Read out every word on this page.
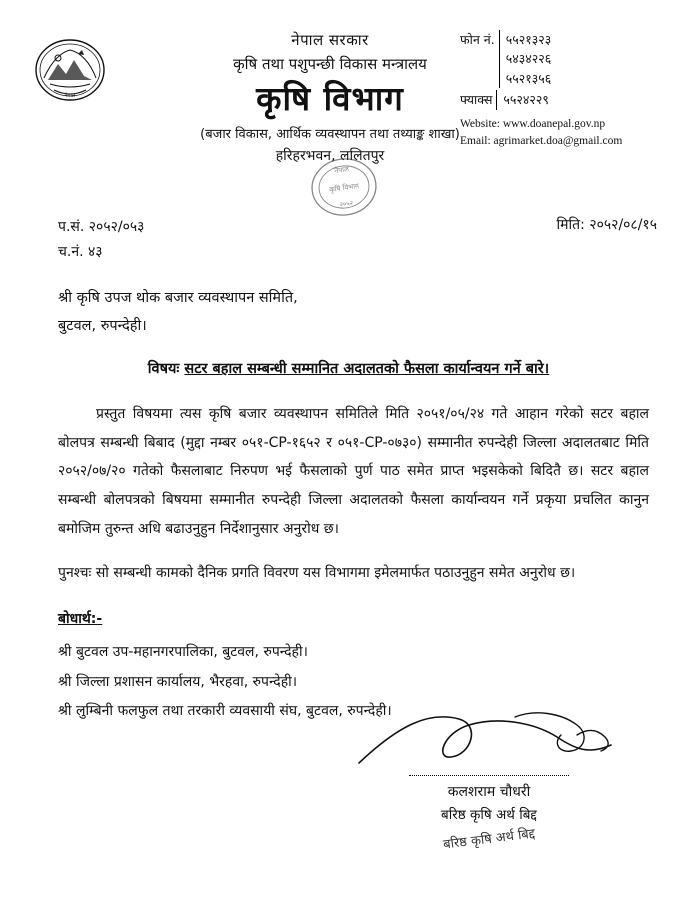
नेपाल
नेपाल सरकार
कृषि तथा पशुपन्छी विकास मन्त्रालय
कृषि विभाग
(बजार विकास, आर्थिक व्यवस्थापन तथा तथ्याङ्क शाखा)
हरिहरभवन, ललितपुर
फोन नं. ५५२१३२३
५४३४२२६
५५२१३५६
फ्याक्स ५५२४२२९
Website: www.doanepal.gov.np
Email: agrimarket.doa@gmail.com
नेपाल
कृषि विभाग
२०५२
प.सं. २०५२/०५३
च.नं. ४३
मिति: २०५२/०८/१५
श्री कृषि उपज थोक बजार व्यवस्थापन समिति,
बुटवल, रुपन्देही।
विषयः सटर बहाल सम्बन्धी सम्मानित अदालतको फैसला कार्यान्वयन गर्ने बारे।

प्रस्तुत विषयमा त्यस कृषि बजार व्यवस्थापन समितिले मिति २०५१/०५/२४ गते आहान गरेको सटर बहाल बोलपत्र सम्बन्धी बिबाद (मुद्दा नम्बर ०५१-CP-१६५२ र ०५१-CP-०७३०) सम्मानीत रुपन्देही जिल्ला अदालतबाट मिति २०५२/०७/२० गतेको फैसलाबाट निरुपण भई फैसलाको पुर्ण पाठ समेत प्राप्त भइसकेको बिदितै छ। सटर बहाल सम्बन्धी बोलपत्रको बिषयमा सम्मानीत रुपन्देही जिल्ला अदालतको फैसला कार्यान्वयन गर्ने प्रकृया प्रचलित कानुन बमोजिम तुरुन्त अधि बढाउनुहुन निर्देशानुसार अनुरोध छ।

पुनश्चः सो सम्बन्धी कामको दैनिक प्रगति विवरण यस विभागमा इमेलमार्फत पठाउनुहुन समेत अनुरोध छ।

बोधार्थ:-
श्री बुटवल उप-महानगरपालिका, बुटवल, रुपन्देही।
श्री जिल्ला प्रशासन कार्यालय, भैरहवा, रुपन्देही।
श्री लुम्बिनी फलफुल तथा तरकारी व्यवसायी संघ, बुटवल, रुपन्देही।
कलशराम चौधरी
बरिष्ठ कृषि अर्थ बिद्द
बरिष्ठ कृषि अर्थ बिद्द
